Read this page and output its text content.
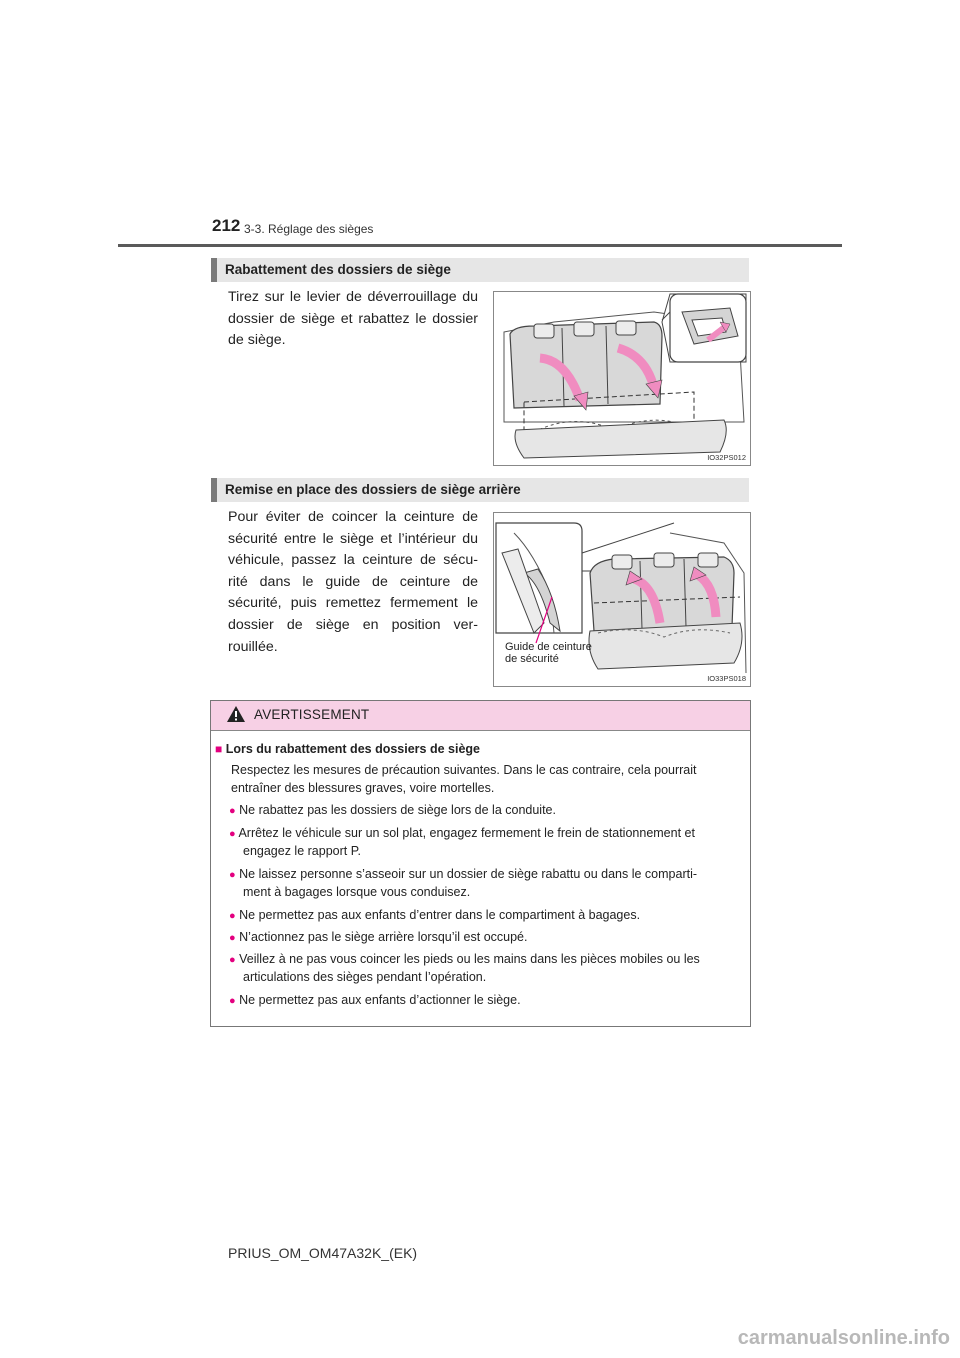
212 3-3. Réglage des sièges
Rabattement des dossiers de siège
Tirez sur le levier de déverrouillage du dossier de siège et rabattez le dossier de siège.
IO32PS012
Remise en place des dossiers de siège arrière
Pour éviter de coincer la ceinture de sécurité entre le siège et l’intérieur du véhicule, passez la ceinture de sécu-rité dans le guide de ceinture de sécurité, puis remettez fermement le dossier de siège en position ver-rouillée.	Guide de ceinture de sécurité
IO33PS018
AVERTISSEMENT
■ Lors du rabattement des dossiers de siège
Respectez les mesures de précaution suivantes. Dans le cas contraire, cela pourrait
entraîner des blessures graves, voire mortelles.
● Ne rabattez pas les dossiers de siège lors de la conduite.
● Arrêtez le véhicule sur un sol plat, engagez fermement le frein de stationnement et
engagez le rapport P.
● Ne laissez personne s’asseoir sur un dossier de siège rabattu ou dans le comparti-
ment à bagages lorsque vous conduisez.
● Ne permettez pas aux enfants d’entrer dans le compartiment à bagages.
● N’actionnez pas le siège arrière lorsqu’il est occupé.
● Veillez à ne pas vous coincer les pieds ou les mains dans les pièces mobiles ou les
articulations des sièges pendant l’opération.
● Ne permettez pas aux enfants d’actionner le siège.
PRIUS_OM_OM47A32K_(EK)
carmanualsonline.info
